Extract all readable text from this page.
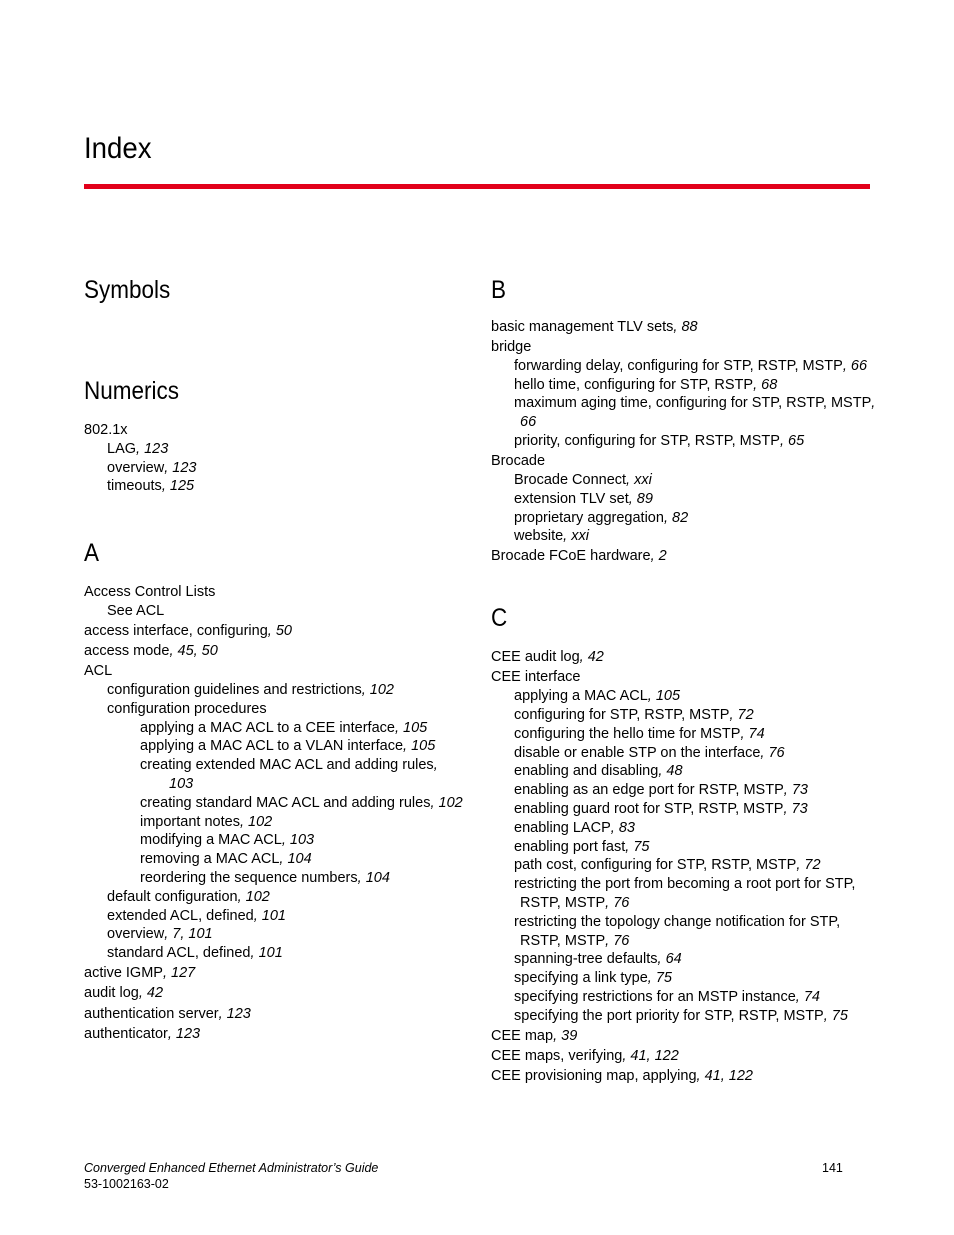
Index
Symbols
Numerics
802.1x
LAG, 123
overview, 123
timeouts, 125
A
Access Control Lists
See ACL
access interface, configuring, 50
access mode, 45, 50
ACL
configuration guidelines and restrictions, 102
configuration procedures
applying a MAC ACL to a CEE interface, 105
applying a MAC ACL to a VLAN interface, 105
creating extended MAC ACL and adding rules,
103
creating standard MAC ACL and adding rules, 102
important notes, 102
modifying a MAC ACL, 103
removing a MAC ACL, 104
reordering the sequence numbers, 104
default configuration, 102
extended ACL, defined, 101
overview, 7, 101
standard ACL, defined, 101
active IGMP, 127
audit log, 42
authentication server, 123
authenticator, 123
B
basic management TLV sets, 88
bridge
forwarding delay, configuring for STP, RSTP, MSTP, 66
hello time, configuring for STP, RSTP, 68
maximum aging time, configuring for STP, RSTP, MSTP,
66
priority, configuring for STP, RSTP, MSTP, 65
Brocade
Brocade Connect, xxi
extension TLV set, 89
proprietary aggregation, 82
website, xxi
Brocade FCoE hardware, 2
C
CEE audit log, 42
CEE interface
applying a MAC ACL, 105
configuring for STP, RSTP, MSTP, 72
configuring the hello time for MSTP, 74
disable or enable STP on the interface, 76
enabling and disabling, 48
enabling as an edge port for RSTP, MSTP, 73
enabling guard root for STP, RSTP, MSTP, 73
enabling LACP, 83
enabling port fast, 75
path cost, configuring for STP, RSTP, MSTP, 72
restricting the port from becoming a root port for STP,
RSTP, MSTP, 76
restricting the topology change notification for STP,
RSTP, MSTP, 76
spanning-tree defaults, 64
specifying a link type, 75
specifying restrictions for an MSTP instance, 74
specifying the port priority for STP, RSTP, MSTP, 75
CEE map, 39
CEE maps, verifying, 41, 122
CEE provisioning map, applying, 41, 122
Converged Enhanced Ethernet Administrator’s Guide
53-1002163-02
141
